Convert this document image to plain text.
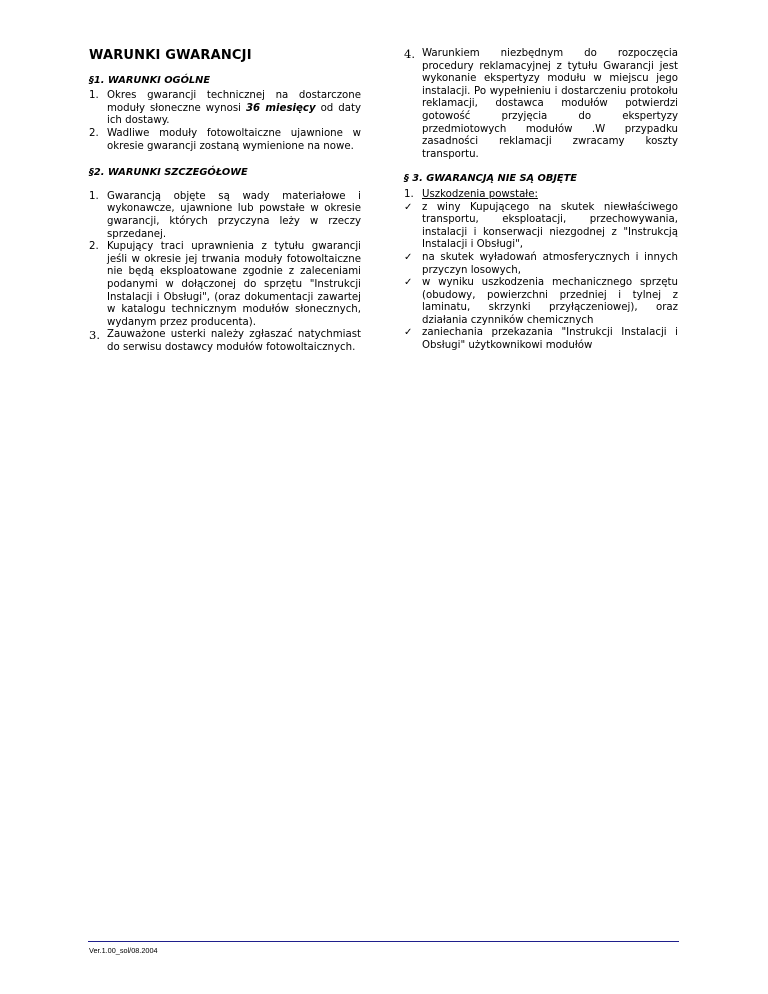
WARUNKI GWARANCJI
§1. WARUNKI OGÓLNE
1. Okres gwarancji technicznej na dostarczone moduły słoneczne wynosi 36 miesięcy od daty ich dostawy.
2. Wadliwe moduły fotowoltaiczne ujawnione w okresie gwarancji zostaną wymienione na nowe.
§2. WARUNKI SZCZEGÓŁOWE
1. Gwarancją objęte są wady materiałowe i wykonawcze, ujawnione lub powstałe w okresie gwarancji, których przyczyna leży w rzeczy sprzedanej.
2. Kupujący traci uprawnienia z tytułu gwarancji jeśli w okresie jej trwania moduły fotowoltaiczne nie będą eksploatowane zgodnie z zaleceniami podanymi w dołączonej do sprzętu "Instrukcji Instalacji i Obsługi", (oraz dokumentacji zawartej w katalogu technicznym modułów słonecznych, wydanym przez producenta).
3. Zauważone usterki należy zgłaszać natychmiast do serwisu dostawcy modułów fotowoltaicznych.
4. Warunkiem niezbędnym do rozpoczęcia procedury reklamacyjnej z tytułu Gwarancji jest wykonanie ekspertyzy modułu w miejscu jego instalacji. Po wypełnieniu i dostarczeniu protokołu reklamacji, dostawca modułów potwierdzi gotowość przyjęcia do ekspertyzy przedmiotowych modułów .W przypadku zasadności reklamacji zwracamy koszty transportu.
§ 3. GWARANCJĄ NIE SĄ OBJĘTE
1. Uszkodzenia powstałe:
✓ z winy Kupującego na skutek niewłaściwego transportu, eksploatacji, przechowywania, instalacji i konserwacji niezgodnej z "Instrukcją Instalacji i Obsługi",
✓ na skutek wyładowań atmosferycznych i innych przyczyn losowych,
✓ w wyniku uszkodzenia mechanicznego sprzętu (obudowy, powierzchni przedniej i tylnej z laminatu, skrzynki przyłączeniowej), oraz działania czynników chemicznych
✓ zaniechania przekazania "Instrukcji Instalacji i Obsługi" użytkownikowi modułów
Ver.1.00_sol/08.2004
